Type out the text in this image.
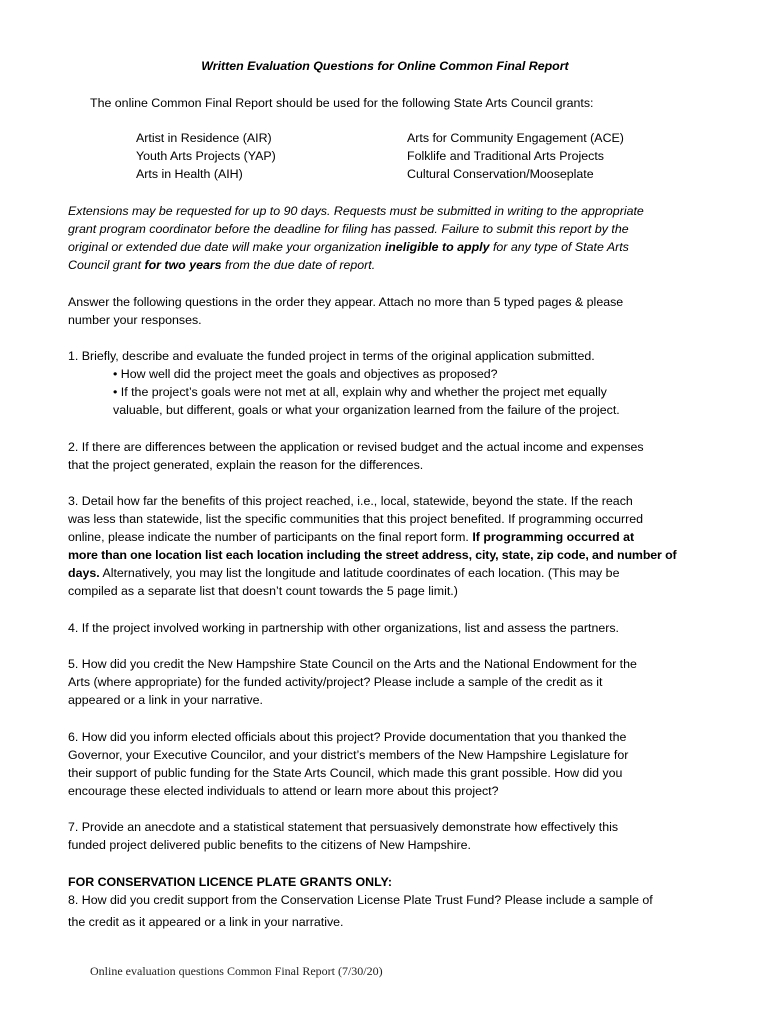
Written Evaluation Questions for Online Common Final Report

The online Common Final Report should be used for the following State Arts Council grants:

Artist in Residence (AIR)

Youth Arts Projects (YAP)

Arts in Health (AIH)

Arts for Community Engagement (ACE)

Folklife and Traditional Arts Projects

Cultural Conservation/Mooseplate

Extensions may be requested for up to 90 days. Requests must be submitted in writing to the appropriate

grant program coordinator before the deadline for filing has passed. Failure to submit this report by the

original or extended due date will make your organization ineligible to apply for any type of State Arts

Council grant for two years from the due date of report.

Answer the following questions in the order they appear. Attach no more than 5 typed pages & please

number your responses.

1. Briefly, describe and evaluate the funded project in terms of the original application submitted.

• How well did the project meet the goals and objectives as proposed?

• If the project’s goals were not met at all, explain why and whether the project met equally

valuable, but different, goals or what your organization learned from the failure of the project.

2. If there are differences between the application or revised budget and the actual income and expenses

that the project generated, explain the reason for the differences.

3. Detail how far the benefits of this project reached, i.e., local, statewide, beyond the state. If the reach

was less than statewide, list the specific communities that this project benefited. If programming occurred

online, please indicate the number of participants on the final report form. If programming occurred at

more than one location list each location including the street address, city, state, zip code, and number of

days. Alternatively, you may list the longitude and latitude coordinates of each location. (This may be

compiled as a separate list that doesn’t count towards the 5 page limit.)

4. If the project involved working in partnership with other organizations, list and assess the partners.

5. How did you credit the New Hampshire State Council on the Arts and the National Endowment for the

Arts (where appropriate) for the funded activity/project? Please include a sample of the credit as it

appeared or a link in your narrative.

6. How did you inform elected officials about this project? Provide documentation that you thanked the

Governor, your Executive Councilor, and your district’s members of the New Hampshire Legislature for

their support of public funding for the State Arts Council, which made this grant possible. How did you

encourage these elected individuals to attend or learn more about this project?

7. Provide an anecdote and a statistical statement that persuasively demonstrate how effectively this

funded project delivered public benefits to the citizens of New Hampshire.

FOR CONSERVATION LICENCE PLATE GRANTS ONLY:

8. How did you credit support from the Conservation License Plate Trust Fund? Please include a sample of

the credit as it appeared or a link in your narrative.

Online evaluation questions Common Final Report (7/30/20)
